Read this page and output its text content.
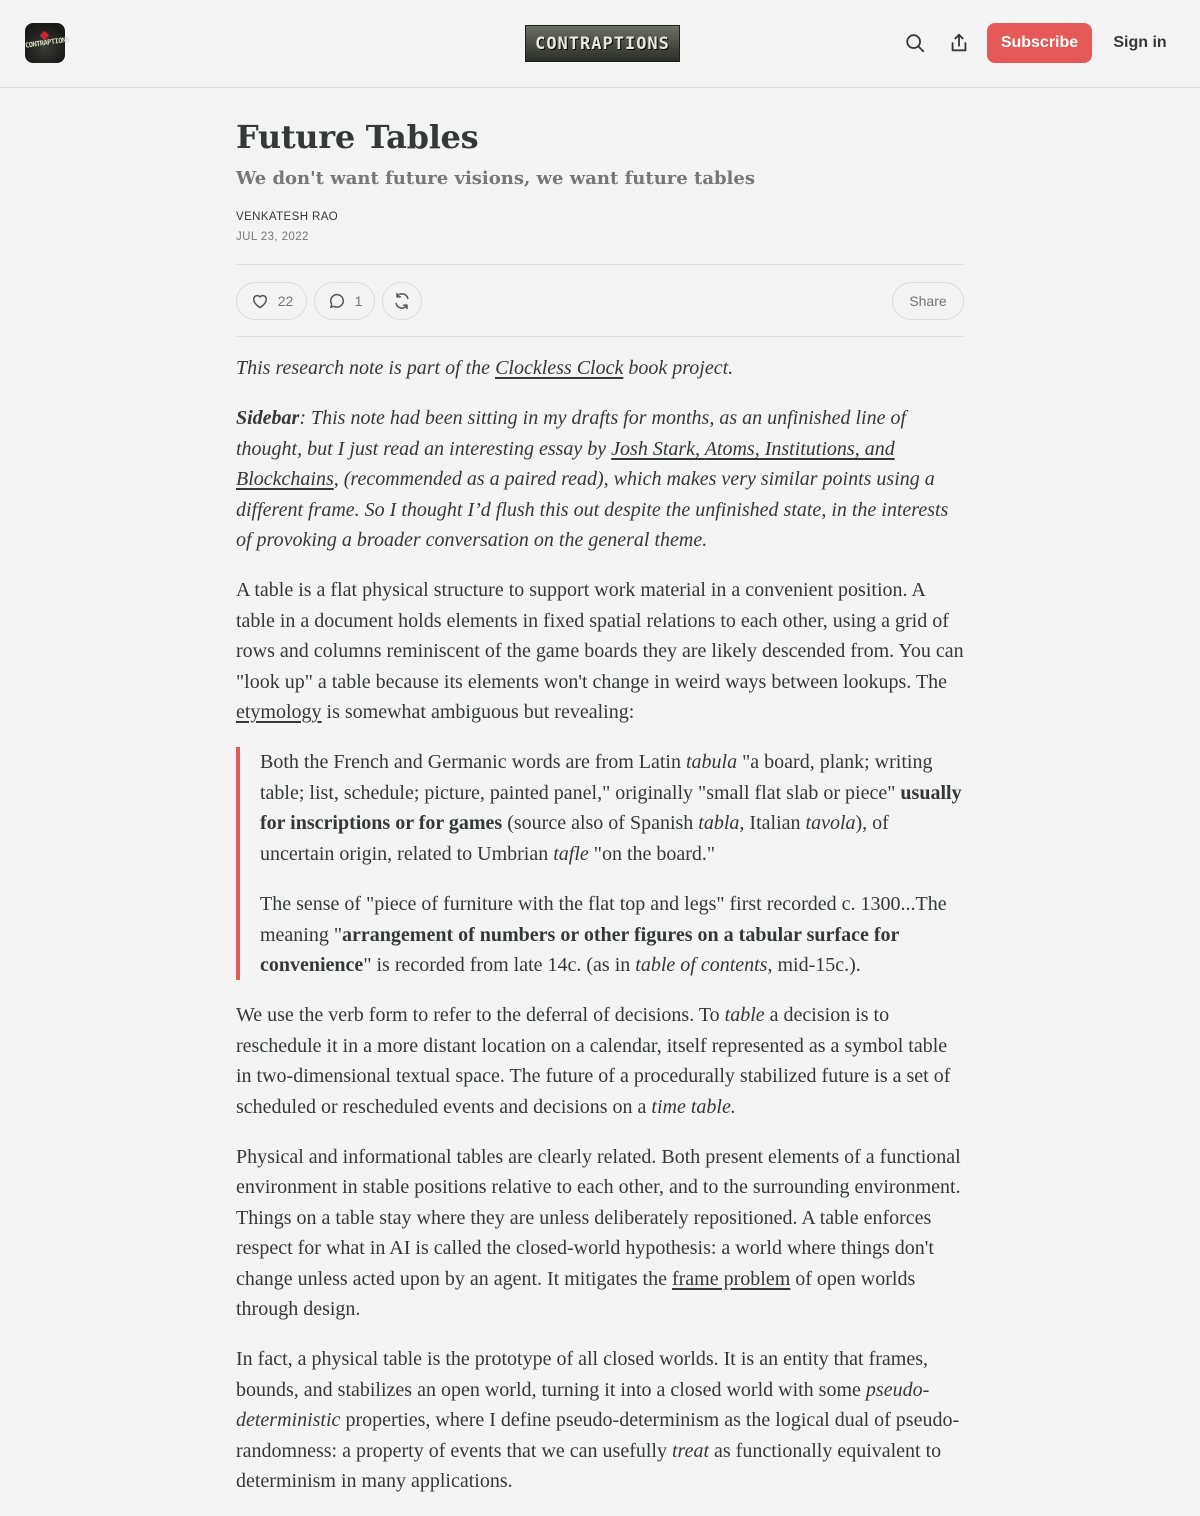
CONTRAPTIONS	CONTRAPTIONS	Subscribe	Sign in
Future Tables
We don't want future visions, we want future tables
VENKATESH RAO
JUL 23, 2022
22	1	Share

This research note is part of the Clockless Clock book project.

Sidebar: This note had been sitting in my drafts for months, as an unfinished line of thought, but I just read an interesting essay by Josh Stark, Atoms, Institutions, and Blockchains, (recommended as a paired read), which makes very similar points using a different frame. So I thought I’d flush this out despite the unfinished state, in the interests of provoking a broader conversation on the general theme.

A table is a flat physical structure to support work material in a convenient position. A table in a document holds elements in fixed spatial relations to each other, using a grid of rows and columns reminiscent of the game boards they are likely descended from. You can "look up" a table because its elements won't change in weird ways between lookups. The etymology is somewhat ambiguous but revealing:

Both the French and Germanic words are from Latin tabula "a board, plank; writing table; list, schedule; picture, painted panel," originally "small flat slab or piece" usually for inscriptions or for games (source also of Spanish tabla, Italian tavola), of uncertain origin, related to Umbrian tafle "on the board."

The sense of "piece of furniture with the flat top and legs" first recorded c. 1300...The meaning "arrangement of numbers or other figures on a tabular surface for convenience" is recorded from late 14c. (as in table of contents, mid-15c.).

We use the verb form to refer to the deferral of decisions. To table a decision is to reschedule it in a more distant location on a calendar, itself represented as a symbol table in two-dimensional textual space. The future of a procedurally stabilized future is a set of scheduled or rescheduled events and decisions on a time table.

Physical and informational tables are clearly related. Both present elements of a functional environment in stable positions relative to each other, and to the surrounding environment. Things on a table stay where they are unless deliberately repositioned. A table enforces respect for what in AI is called the closed-world hypothesis: a world where things don't change unless acted upon by an agent. It mitigates the frame problem of open worlds through design.

In fact, a physical table is the prototype of all closed worlds. It is an entity that frames, bounds, and stabilizes an open world, turning it into a closed world with some pseudo-deterministic properties, where I define pseudo-determinism as the logical dual of pseudo-randomness: a property of events that we can usefully treat as functionally equivalent to determinism in many applications.
